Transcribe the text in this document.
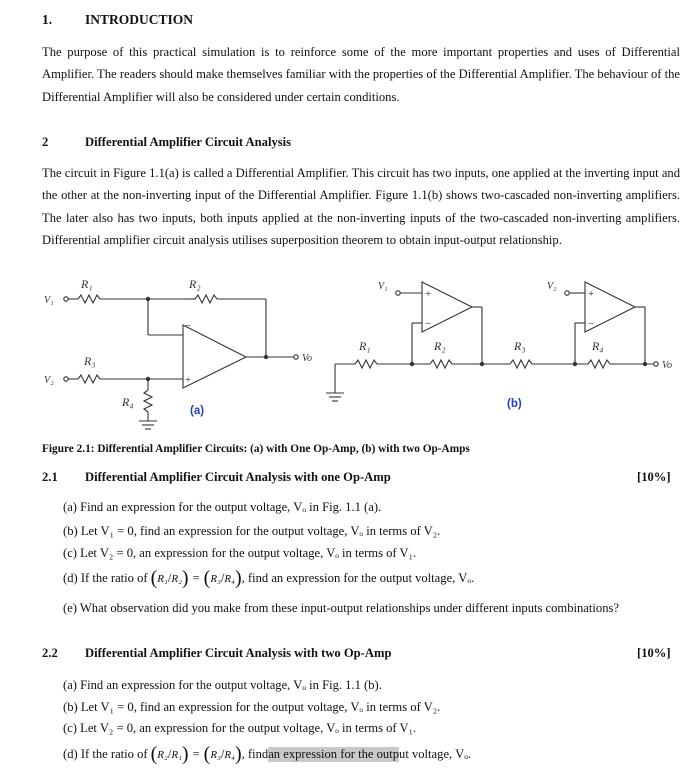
1. INTRODUCTION
The purpose of this practical simulation is to reinforce some of the more important properties and uses of Differential Amplifier. The readers should make themselves familiar with the properties of the Differential Amplifier. The behaviour of the Differential Amplifier will also be considered under certain conditions.
2	Differential Amplifier Circuit Analysis
The circuit in Figure 1.1(a) is called a Differential Amplifier. This circuit has two inputs, one applied at the inverting input and the other at the non-inverting input of the Differential Amplifier. Figure 1.1(b) shows two-cascaded non-inverting amplifiers. The later also has two inputs, both inputs applied at the non-inverting inputs of the two-cascaded non-inverting amplifiers. Differential amplifier circuit analysis utilises superposition theorem to obtain input-output relationship.
−
+
+
−
+
−
R₁	R₂
R₃
R₄
V₁
V₂
Vo
R₁	R₂	R₃	R₄
V₁	V₂
Vo
(a)
(b)
Figure 2.1: Differential Amplifier Circuits: (a) with One Op-Amp, (b) with two Op-Amps
2.1 Differential Amplifier Circuit Analysis with one Op-Amp	[10%]
(a) Find an expression for the output voltage, Vₒ in Fig. 1.1 (a).
(b) Let V₁ = 0, find an expression for the output voltage, Vₒ in terms of V₂.
(c) Let V₂ = 0, an expression for the output voltage, Vₒ in terms of V₁.
(d) If the ratio of ( R₁ / R₂ ) = ( R₃ / R₄ ) , find an expression for the output voltage, Vₒ.
(e) What observation did you make from these input-output relationships under different inputs combinations?
2.2 Differential Amplifier Circuit Analysis with two Op-Amp	[10%]
(a) Find an expression for the output voltage, Vₒ in Fig. 1.1 (b).
(b) Let V₁ = 0, find an expression for the output voltage, Vₒ in terms of V₂.
(c) Let V₂ = 0, an expression for the output voltage, Vₒ in terms of V₁.
(d) If the ratio of ( R₂ / R₁ ) = ( R₃ / R₄ ) , find an expression for the outp ut voltage, Vₒ.
